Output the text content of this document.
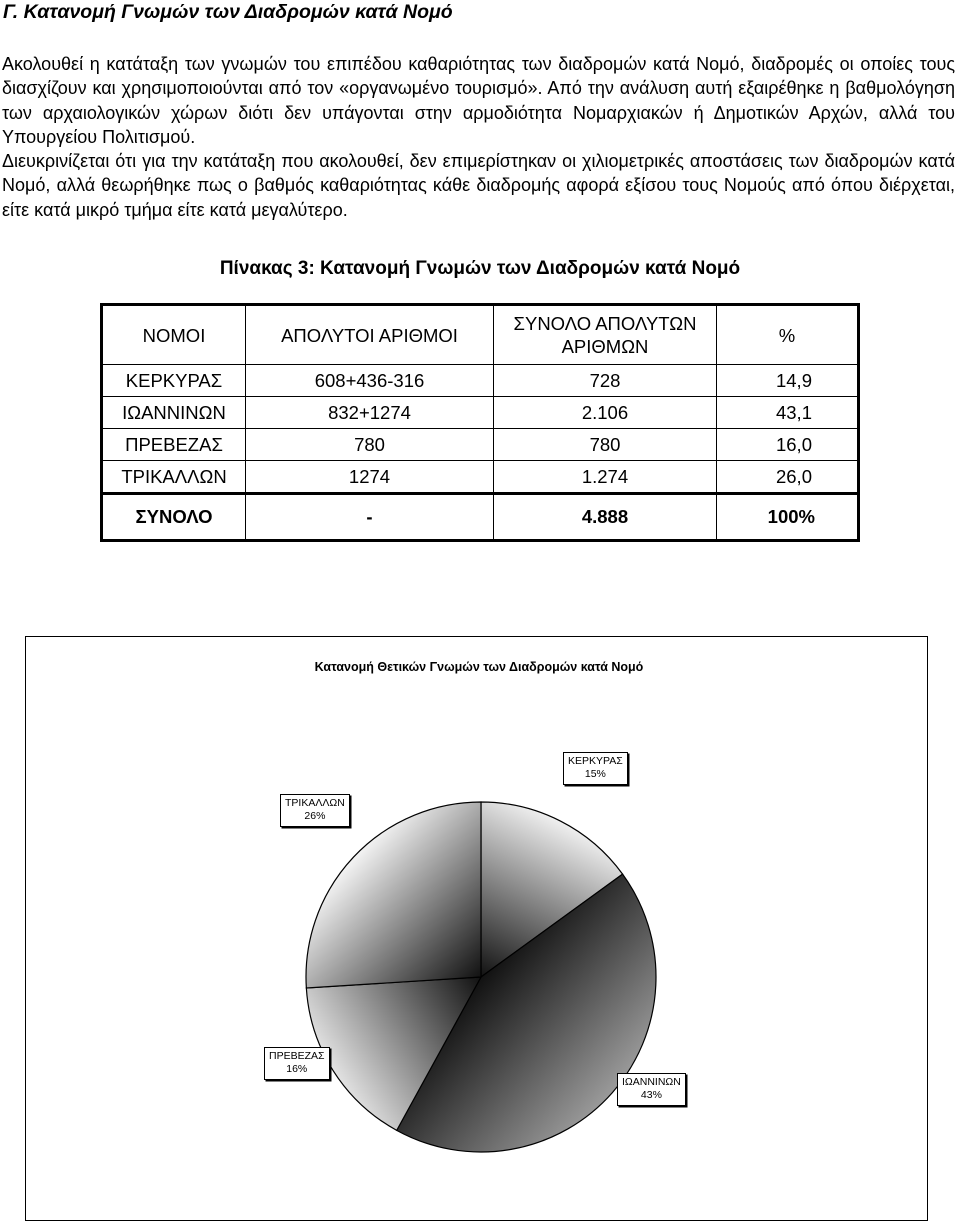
Γ. Κατανομή Γνωμών των Διαδρομών κατά Νομό

Ακολουθεί η κατάταξη των γνωμών του επιπέδου καθαριότητας των διαδρομών κατά Νομό, διαδρομές οι οποίες τους διασχίζουν και χρησιμοποιούνται από τον «οργανωμένο τουρισμό». Από την ανάλυση αυτή εξαιρέθηκε η βαθμολόγηση των αρχαιολογικών χώρων διότι δεν υπάγονται στην αρμοδιότητα Νομαρχιακών ή Δημοτικών Αρχών, αλλά του Υπουργείου Πολιτισμού.

Διευκρινίζεται ότι για την κατάταξη που ακολουθεί, δεν επιμερίστηκαν οι χιλιομετρικές αποστάσεις των διαδρομών κατά Νομό, αλλά θεωρήθηκε πως ο βαθμός καθαριότητας κάθε διαδρομής αφορά εξίσου τους Νομούς από όπου διέρχεται, είτε κατά μικρό τμήμα είτε κατά μεγαλύτερο.

Πίνακας 3: Κατανομή Γνωμών των Διαδρομών κατά Νομό
ΝΟΜΟΙ	ΑΠΟΛΥΤΟΙ ΑΡΙΘΜΟΙ	ΣΥΝΟΛΟ ΑΠΟΛΥΤΩΝ ΑΡΙΘΜΩΝ	%
ΚΕΡΚΥΡΑΣ	608+436-316	728	14,9
ΙΩΑΝΝΙΝΩΝ	832+1274	2.106	43,1
ΠΡΕΒΕΖΑΣ	780	780	16,0
ΤΡΙΚΑΛΛΩΝ	1274	1.274	26,0
ΣΥΝΟΛΟ	-	4.888	100%
Κατανομή Θετικών Γνωμών των Διαδρομών κατά Νομό
ΚΕΡΚΥΡΑΣ
15%
ΙΩΑΝΝΙΝΩΝ
43%
ΠΡΕΒΕΖΑΣ
16%
ΤΡΙΚΑΛΛΩΝ
26%
